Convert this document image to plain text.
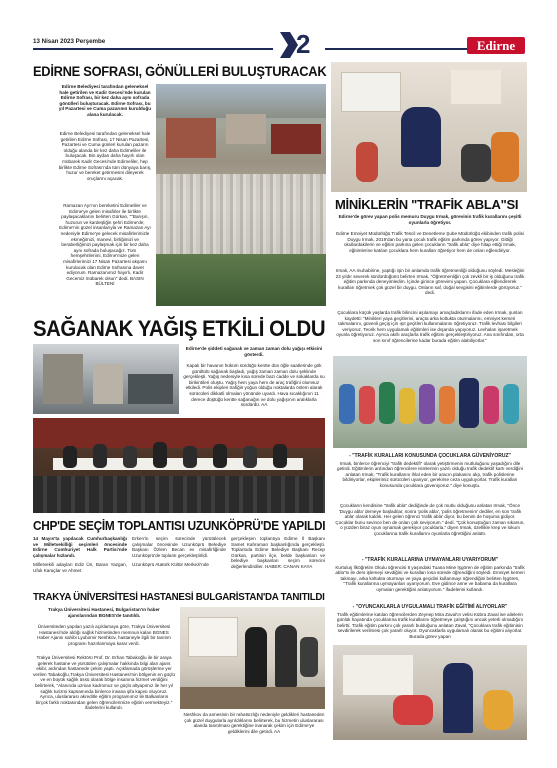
13 Nisan 2023 Perşembe	2	Edirne
EDİRNE SOFRASI, GÖNÜLLERİ BULUŞTURACAK
Edirne Belediyesi tarafından geleneksel hale getirilen ve Kadir Gecesi'nde kurulan Edirne Sofrası, bir kez daha aynı sofrada gönülleri buluşturacak. Edirne Sofrası, bu yıl Pazartesi ve Cuma pazarının kurulduğu alana kurulacak.
Edirne Belediyesi tarafından geleneksel hale getirilen Edirne Sofrası, 17 Nisan Pazartesi, Pazartesi ve Cuma günleri kurulan pazarın olduğu alanda bir kez daha Edirneliler ile buluşacak. Bin aydan daha hayırlı olan mübarek Kadir Gecesi'nde Edirneliler, hep birlikte Edirne Sofrası'nda tüm dünyaya barış, huzur ve bereket getirmesini dileyerek oruçlarını açacak.
Ramazan Ayı'nın bereketini Edirneliler ve Edirne'ye gelen misafirler ile birlikte paylaşacaklarını belirten Gürkan, ""Barışın, huzurun ve kardeşliğin şehri Edirne'de; Edirne'nin güzel insanlarıyla ve Ramazan Ayı nedeniyle Edirne'ye gelecek misafirlerimizle ekmeğimizi, manevi, birliğimizi ve beraberliğimizi paylaşmak için bir kez daha aynı sofrada buluşacağız. Tüm hemşehrilerimi, Edirne'mize gelen misafirlerimizi 17 Nisan Pazartesi akşamı kurulacak olan Edirne Sofrasına davet ediyorum. Ramazanımız hayırlı, Kadir Gecemiz mübarek olsun" dedi. BASIN BÜLTENİ
MİNİKLERİN "TRAFİK ABLA"SI
Edirne'de görev yapan polis memuru Duygu Irmak, görevinin trafik kurallarını çeşitli oyunlarla öğretiyor.
Edirne Emniyet Müdürlüğü Trafik Tescil ve Denetleme Şube Müdürlüğü ekibinden trafik polisi Duygu Irmak, 2019'dan bu yana çocuk trafik eğitim parkında görev yapıyor. Gittiği okullardakilerin ve eğitim parkına gelen çocukların "trafik abla" diye hitap ettiği Irmak, eğitimlerine katılan çocuklara hem kuralları öğretiyor hem de onları eğlendiriyor.
Irmak, AA muhabirine, yaptığı işin bir anlamda trafik öğretmenliği olduğunu söyledi. Mesleğini 23 yıldır severek sürdürdüğünü belirten Irmak, "Öğretmenliğin çok zevkli bir iş olduğunu trafik eğitim parkında deneyimledim. İçinde girince görevimi yapan. Çocuklara eğlendirerek kuralları öğretmek çok güzel bir duygu. Onların saf, doğal sevgisini eğitimlerde görüyoruz." dedi.
Çocuklara küçük yaşlarda trafik bilincini aşılamayı amaçladıklarını ifade eden Irmak, şunları kaydetti: "Minikleri yaya geçitlerini, araçta arka koltukta oturmalarını, emniyet kemeri takmalarını, güvenli geçiş için ışıt geçitleri kullanmalarını öğretiyoruz. Trafik levhası bilgileri veriyoruz. Teorik hem uygulamalı eğitimleri ise dışarıda yapıyoruz. Levhaları işaretmek oyunla öğretiyoruz. Ayrıca akıllı araçlarla trafik eğitimi gerçekleştiriyoruz. Ana sınıfından, orta son sınıf öğrencilerine kadar burada eğitim alabiliyorlar."
- "TRAFİK KURALLARI KONUSUNDA ÇOCUKLARA GÜVENİYORUZ"
Irmak, binlerce öğrenciyi "trafik dedektifi" olarak yetiştirmenin mutluluğunu yaşadığını dile getirdi. Eğitimlerin ardından öğrencilere isimlerinin yazılı olduğu trafik dedektif kartı verdiğini anlatan Irmak, "Trafik kurallarını ihlal eden bir aracın plakasını alıp, trafik polislerine bildiriyorlar, ekiplerimiz sürücüleri uyarıyor, gerekirse ceza uyguluyorlar. Trafik kuralları konusunda çocuklara güveniyoruz." diye konuştu.
Çocukların kendisine "trafik abla" dediğinde de çok mutlu olduğunu anlatan Irmak, "Önce 'Duygu abla' demeye başladılar, sonra 'polis abla', 'polis öğretmenim' dediler, en son 'trafik abla' olarak kaldık. Her gelen öğrenci 'trafik abla' diyor, bu benim de hoşuma gidiyor. Çocuklar bunu sevince ben de onları çok seviyorum." dedi. "Çok konuştuğun zaman sıkarsın, o yüzden biraz oyun oynamak gerekiyor çocuklarla." diyen Irmak, özellikle krep ve lokum çocuklarına trafik kurallarını oyunlarla öğrettiğini anlattı.
- "TRAFİK KURALLARINA UYMAYANLARI UYARIYORUM"
Kurtuluş İlköğretim Okulu öğrencisi 8 yaşındaki Tuana Mine İşgören de eğitim parkında "trafik abla"sı ile ders işlemeyi sevdiğini ve kuralları kısa sürede öğrendiğini söyledi. Emniyet kemeri takmayı, arka koltukta oturmayı ve yaya geçidini kullanmayı öğrendiğini belirten İşgören, "Trafik kurallarına uymayanları uyarıyorum. Eve gidince anne ve babama da kurallara uymaları gerektiğini anlatıyorum." ifadelerini kullandı.
- "OYUNCAKLARLA UYGULAMALI TRAFİK EĞİTİMİ ALIYORLAR"
Trafik eğitimlerine katılan öğrencilerden Zeynep Mira Zaval'ın velisi Kübra Zaval ise ailelerin günlük hayatında çocuklarına trafik kurallarını öğretmeye çalıştığını ancak yeterli olmadığını belirtti. Trafik eğitim parkını çok yararlı bulduğunu anlatan Zaval, "Çocuklara trafik eğitiminin sevdirilerek verilmesi çok yararlı oluyor. Oyuncaklarla uygulamalı olarak bu eğitimi alıyorlar. Burada görev yapan
SAĞANAK YAĞIŞ ETKİLİ OLDU
Edirne'de şiddeti sağanak ve zaman zaman dolu yağışı etkisini gösterdi.
Kapalı bir havanın hüküm sürdüğü kentte dün öğle saatlerinde gök gürültülü sağanak başladı, yağış zaman zaman dolu şeklinde gerçekleşti. Yağış nedeniyle kısa sürede bazı cadde ve sokaklarda su birikintileri oluştu. Yağış hem yaya hem de araç trafiğini olumsuz etkiledi. Polis ekipleri trafiğin yoğun olduğu noktalarda önlem alarak sürücüleri dikkatli olmaları yönünde uyardı. Hava sıcaklığının 11 derece düştüğü kentte sağanağın ve dolu yağışının aralıklarla sürdürdü. AA
CHP'DE SEÇİM TOPLANTISI UZUNKÖPRÜ'DE YAPILDI
14 Mayıs'ta yapılacak Cumhurbaşkanlığı ve Milletvekilliği seçimleri öncesinde Edirne Cumhuriyet Halk Partisi'nde çalışmalar hızlandı.
Milletvekili adayları Ediz Ün, Baran Yazgan, Ufuk Karaçlar ve Ahmet
Erken'in seçim sürecinde yürütülecek çalışmalar öncesinde Uzunköprü Belediye Başkanı Özlem Becan ev misafirliğinde Uzunköprü'de toplantı gerçekleştirildi.
Uzunköprü Atatürk Kültür Merkezi'nde
gerçekleşen toplantıya Edirne İl Başkanı Samet Kahraman başkanlığında gerçekleşti. Toplantıda Edirne Belediye Başkanı Recep Gürkan, partinin ilçe, belde başkanları ve belediye başkanları seçim sürecini değerlendirdiler. HABER: CANAN KAYA
TRAKYA ÜNİVERSİTESİ HASTANESİ BULGARİSTAN'DA TANITILDI
Trakya Üniversitesi Hastanesi, Bulgaristan'ın haber ajanslarından BGNES'de tanıtıldı.
Üniversiteden yapılan yazılı açıklamaya göre, Trakya Üniversitesi Hastanesi'nde aldığı sağlık hizmetinden memnun kalan BGNES Haber Ajansı sahibi Lyubomir Neshkov, hastaneyle ilgili bir tanıtım programı hazırlanmaya karar verdi.
Trakya Üniversitesi Rektörü Prof. Dr. Erhan Tabakoğlu ile bir araya gelerek hastane ve yürütülen çalışmalar hakkında bilgi alan ajans ekibi, ardından hastanede çekim yaptı. Açıklamada görüşlerine yer verilen Tabakoğlu,Trakya Üniversitesi Hastanesi'nin bölgenin en güçlü ve en büyük sağlık üssü olarak bölge insanına hizmet verdiğini belirterek, "Alanında uzman kadromuz ve güçlü altyapımız ile her yıl sağlık turizmi kapsamında binlerce insana şifa kapısı oluyoruz. Ayrıca, uluslararası akreditle eğitim programımız ile Balkanların birçok farklı noktasından gelen öğrencilerimize eğitim vermekteyiz." ifadelerini kullandı.
Neshkov da annesinin bir rahatsızlığı nedeniyle geldikleri hastaneden çok güzel duygularla ayrıldıklarını belirterek, bu hizmetin uluslararası alanda tanıtılması gerektiğine inanarak çekim için Edirne'ye geldiklerini dile getirdi. AA
